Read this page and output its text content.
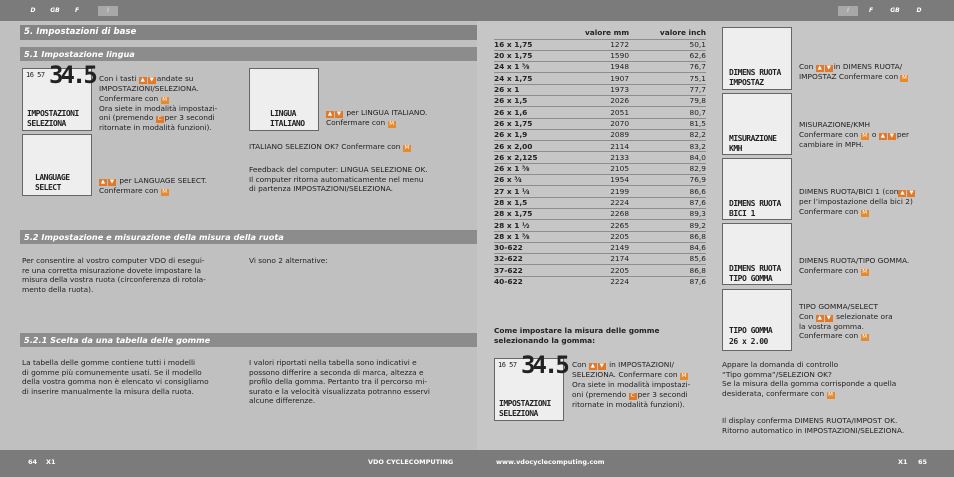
D	GB	F	I	I	F	GB	D
5. Impostazioni di base
5.1 Impostazione lingua
5.2 Impostazione e misurazione della misura della ruota
5.2.1 Scelta da una tabella delle gomme
16 57 34.5
IMPOSTAZIONI
SELEZIONA
LANGUAGE
SELECT
LINGUA
ITALIANO
Con i tasti ▲ ▼ andate su
IMPOSTAZIONI/SELEZIONA.
Confermare con M
Ora siete in modalità impostazi-
oni (premendo C per 3 secondi
ritornate in modalità funzioni).
▲ ▼ per LANGUAGE SELECT.
Confermare con M
▲ ▼ per LINGUA ITALIANO.
Confermare con M
ITALIANO SELEZION OK? Confermare con M
Feedback del computer: LINGUA SELEZIONE OK.
Il computer ritorna automaticamente nel menu
di partenza IMPOSTAZIONI/SELEZIONA.
Per consentire al vostro computer VDO di esegui-
re una corretta misurazione dovete impostare la
misura della vostra ruota (circonferenza di rotola-
mento della ruota).
Vi sono 2 alternative:
La tabella delle gomme contiene tutti i modelli
di gomme più comunemente usati. Se il modello
della vostra gomma non è elencato vi consigliamo
di inserire manualmente la misura della ruota.
I valori riportati nella tabella sono indicativi e
possono differire a seconda di marca, altezza e
profilo della gomma. Pertanto tra il percorso mi-
surato e la velocità visualizzata potranno esservi
alcune differenze.
	valore mm	valore inch
16 x 1,75	1272	50,1
20 x 1,75	1590	62,6
24 x 1 ³⁄₈	1948	76,7
24 x 1,75	1907	75,1
26 x 1	1973	77,7
26 x 1,5	2026	79,8
26 x 1,6	2051	80,7
26 x 1,75	2070	81,5
26 x 1,9	2089	82,2
26 x 2,00	2114	83,2
26 x 2,125	2133	84,0
26 x 1 ³⁄₈	2105	82,9
26 x ³⁄₄	1954	76,9
27 x 1 ¹⁄₄	2199	86,6
28 x 1,5	2224	87,6
28 x 1,75	2268	89,3
28 x 1 ¹⁄₂	2265	89,2
28 x 1 ³⁄₈	2205	86,8
30-622	2149	84,6
32-622	2174	85,6
37-622	2205	86,8
40-622	2224	87,6
Come impostare la misura delle gomme
selezionando la gomma:
16 57 34.5
IMPOSTAZIONI
SELEZIONA
Con ▲ ▼ in IMPOSTAZIONI/
SELEZIONA. Confermare con M
Ora siete in modalità impostazi-
oni (premendo C per 3 secondi
ritornate in modalità funzioni).
DIMENS RUOTA
IMPOSTAZ
MISURAZIONE
KMH
DIMENS RUOTA
BICI 1
DIMENS RUOTA
TIPO GOMMA
TIPO GOMMA
26 x 2.00
Con ▲ ▼ in DIMENS RUOTA/
IMPOSTAZ Confermare con M
MISURAZIONE/KMH
Confermare con M o ▲ ▼ per
cambiare in MPH.
DIMENS RUOTA/BICI 1 (con ▲ ▼
per l’impostazione della bici 2)
Confermare con M
DIMENS RUOTA/TIPO GOMMA.
Confermare con M
TIPO GOMMA/SELECT
Con ▲ ▼ selezionate ora
la vostra gomma.
Confermare con M
Appare la domanda di controllo
“Tipo gomma”/SELEZION OK?
Se la misura della gomma corrisponde a quella
desiderata, confermare con M
Il display conferma DIMENS RUOTA/IMPOST OK.
Ritorno automatico in IMPOSTAZIONI/SELEZIONA.
64 X1	VDO CYCLECOMPUTING	www.vdocyclecomputing.com	X1 65
